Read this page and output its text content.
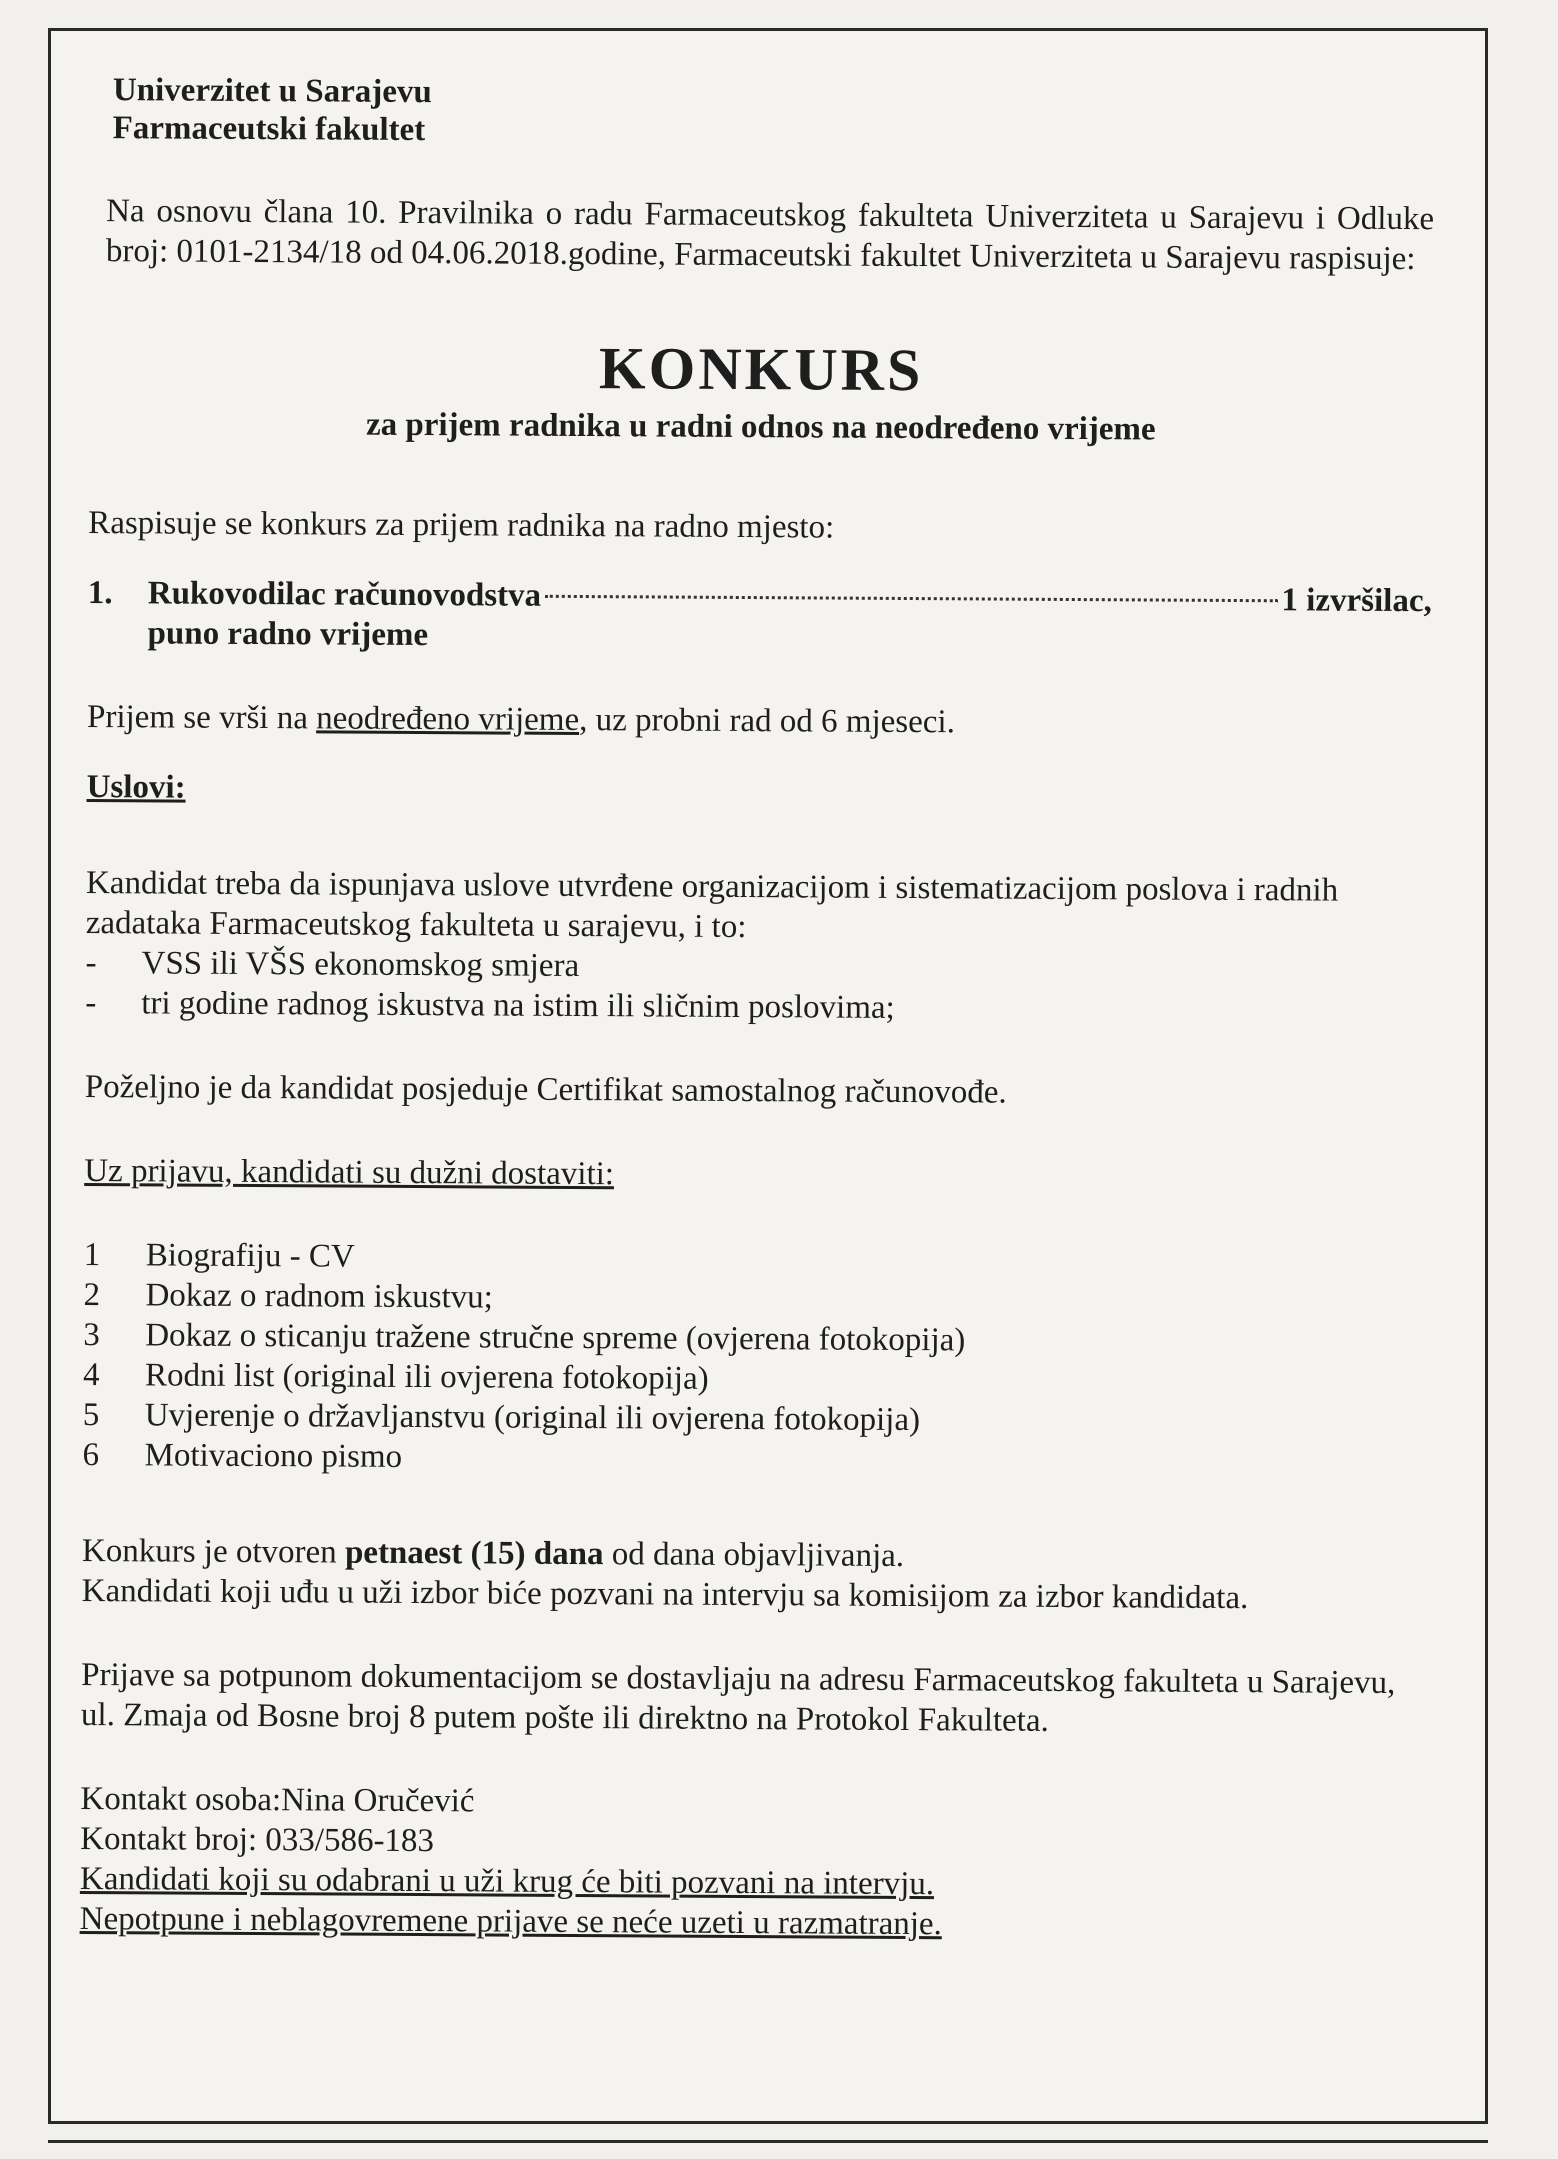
Univerzitet u Sarajevu
Farmaceutski fakultet
Na osnovu člana 10. Pravilnika o radu Farmaceutskog fakulteta Univerziteta u Sarajevu i Odluke broj: 0101-2134/18 od 04.06.2018.godine, Farmaceutski fakultet Univerziteta u Sarajevu raspisuje:
KONKURS
za prijem radnika u radni odnos na neodređeno vrijeme
Raspisuje se konkurs za prijem radnika na radno mjesto:
1.	Rukovodilac računovodstva	1 izvršilac,
puno radno vrijeme
Prijem se vrši na neodređeno vrijeme, uz probni rad od 6 mjeseci.
Uslovi:
Kandidat treba da ispunjava uslove utvrđene organizacijom i sistematizacijom poslova i radnih zadataka Farmaceutskog fakulteta u sarajevu, i to:
-	VSS ili VŠS ekonomskog smjera
-	tri godine radnog iskustva na istim ili sličnim poslovima;
Poželjno je da kandidat posjeduje Certifikat samostalnog računovođe.
Uz prijavu, kandidati su dužni dostaviti:
1	Biografiju - CV
2	Dokaz o radnom iskustvu;
3	Dokaz o sticanju tražene stručne spreme (ovjerena fotokopija)
4	Rodni list (original ili ovjerena fotokopija)
5	Uvjerenje o državljanstvu (original ili ovjerena fotokopija)
6	Motivaciono pismo
Konkurs je otvoren petnaest (15) dana od dana objavljivanja.
Kandidati koji uđu u uži izbor biće pozvani na intervju sa komisijom za izbor kandidata.
Prijave sa potpunom dokumentacijom se dostavljaju na adresu Farmaceutskog fakulteta u Sarajevu, ul. Zmaja od Bosne broj 8 putem pošte ili direktno na Protokol Fakulteta.
Kontakt osoba:Nina Oručević
Kontakt broj: 033/586-183
Kandidati koji su odabrani u uži krug će biti pozvani na intervju.
Nepotpune i neblagovremene prijave se neće uzeti u razmatranje.
